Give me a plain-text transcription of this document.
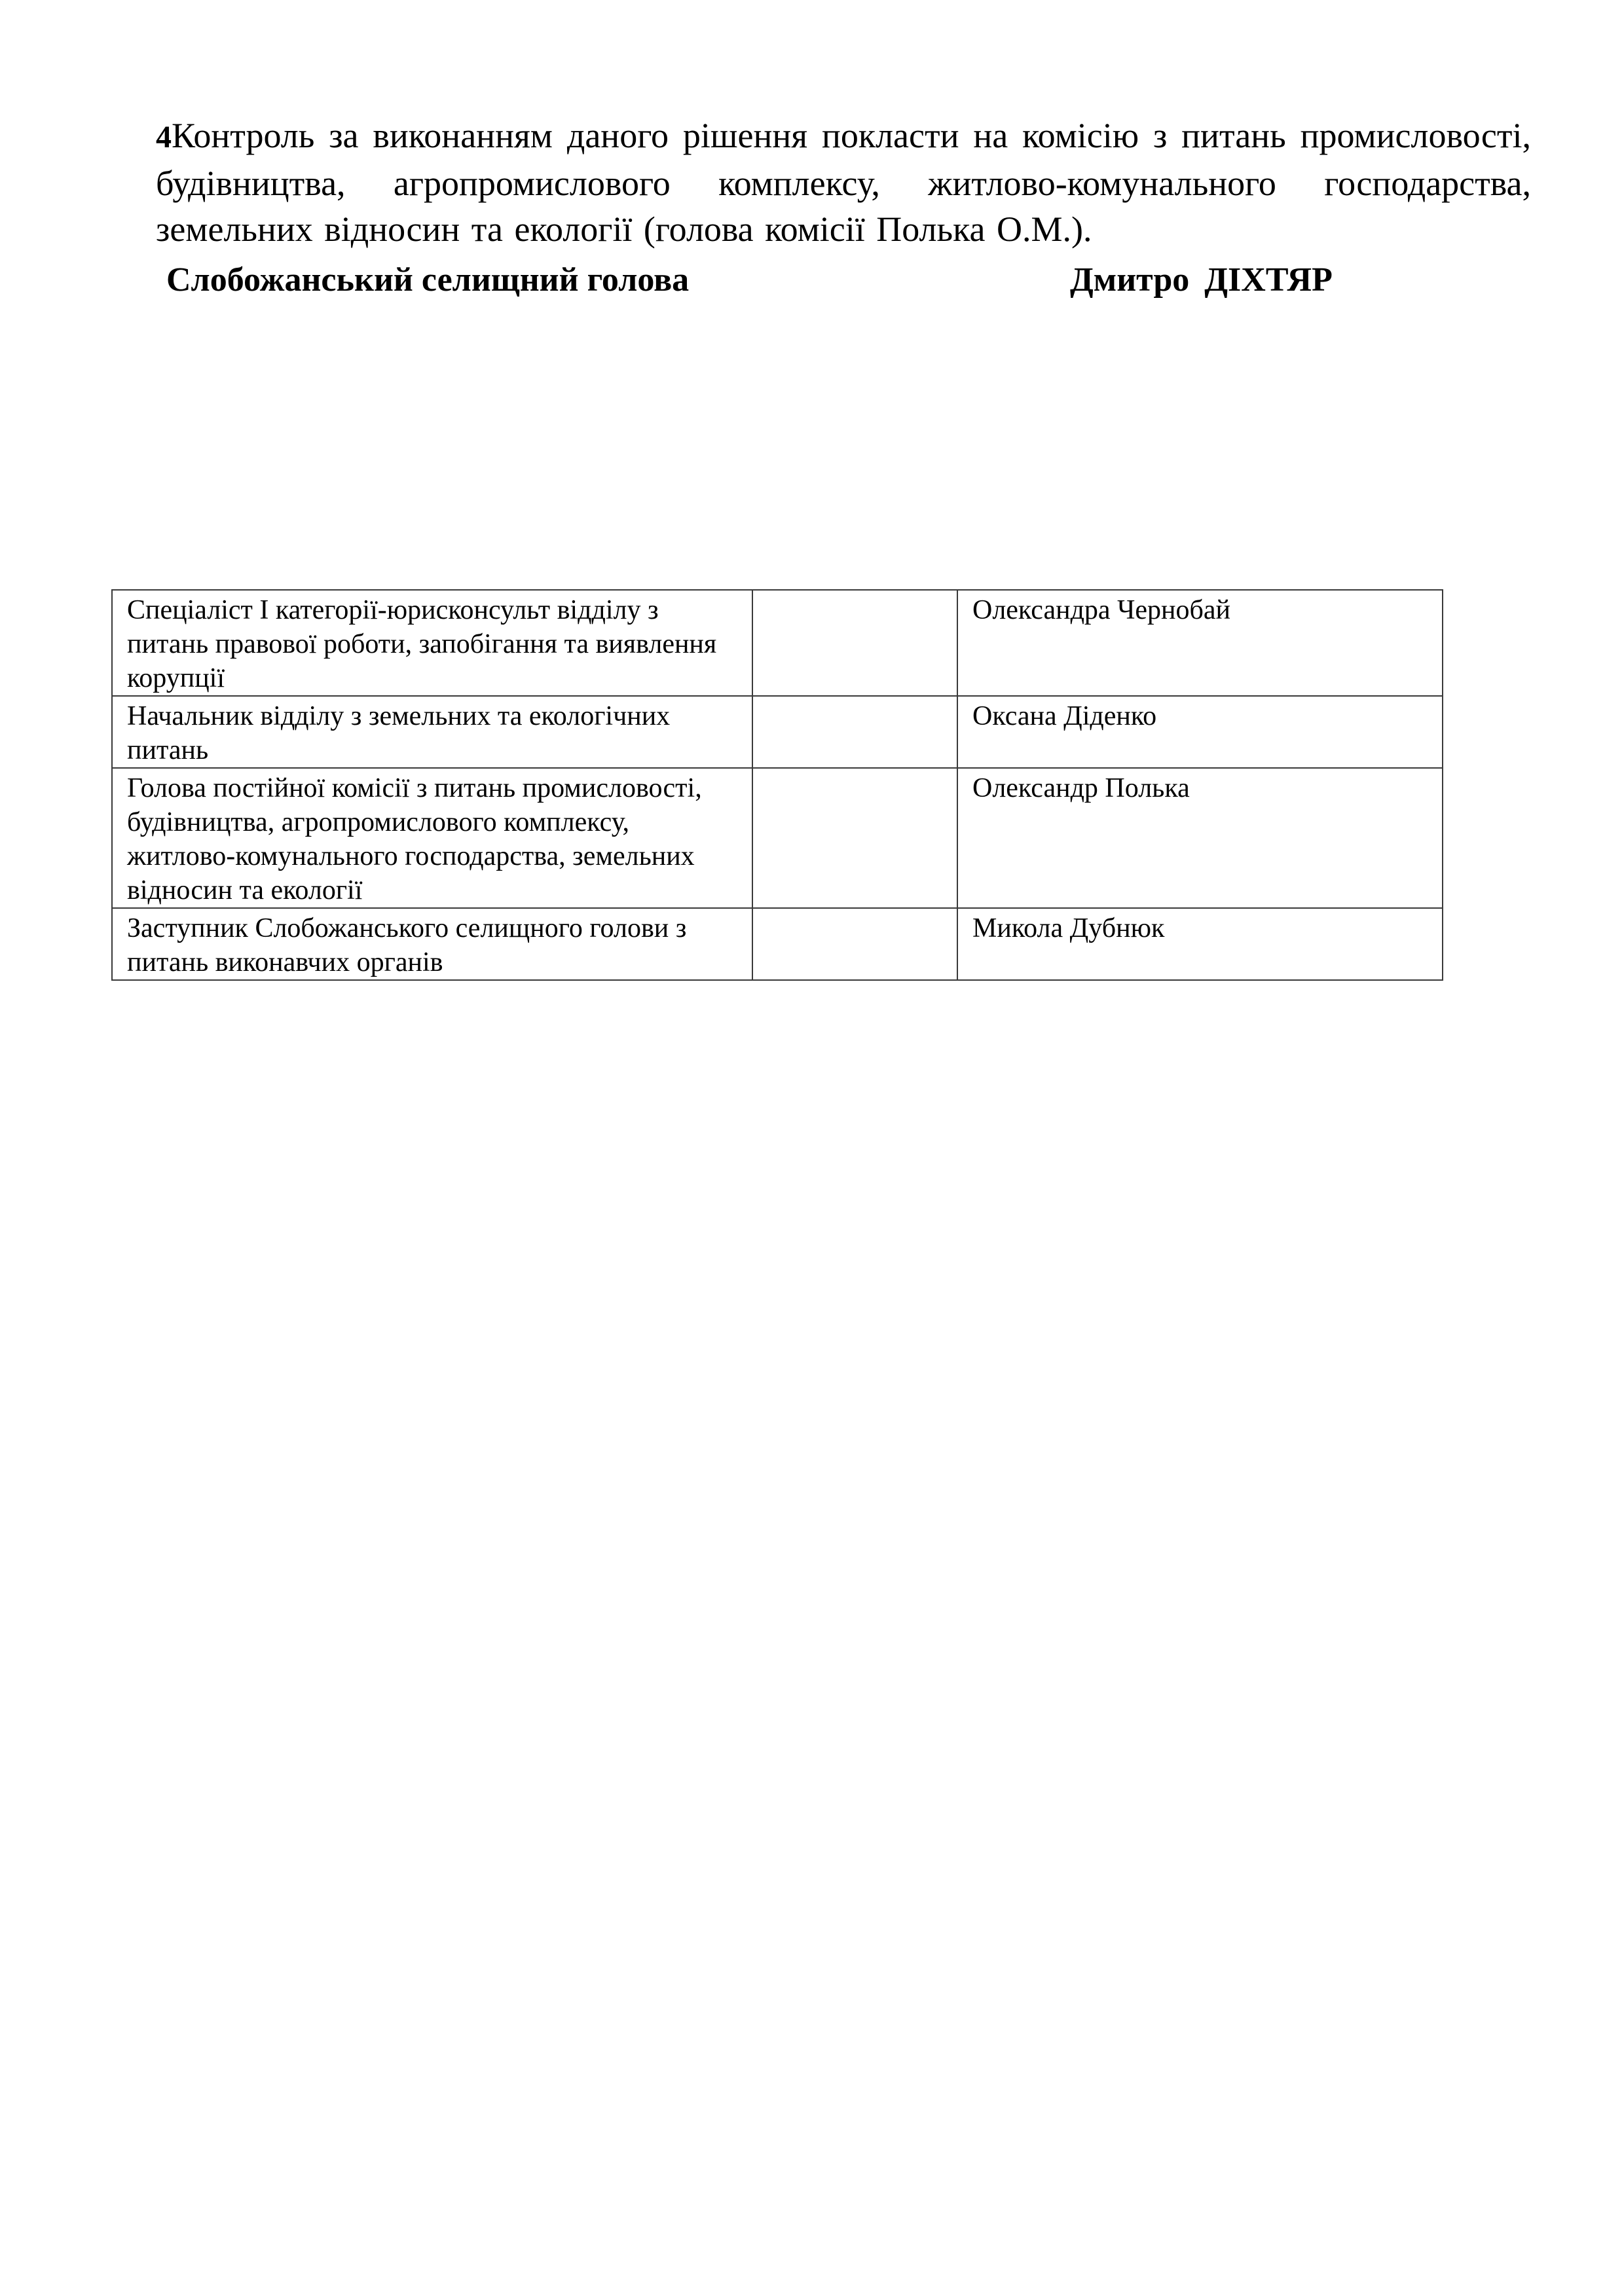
4Контроль за виконанням даного рішення покласти на комісію з питань промисловості, будівництва, агропромислового комплексу, житлово-комунального господарства, земельних відносин та екології (голова комісії Полька О.М.).

Слобожанський селищний голова	Дмитро ДІХТЯР
Спеціаліст І категорії-юрисконсульт відділу з питань правової роботи, запобігання та виявлення корупції		Олександра Чернобай
Начальник відділу з земельних та екологічних питань		Оксана Діденко
Голова постійної комісії з питань промисловості, будівництва, агропромислового комплексу, житлово-комунального господарства, земельних відносин та екології		Олександр Полька
Заступник Слобожанського селищного голови з питань виконавчих органів		Микола Дубнюк
